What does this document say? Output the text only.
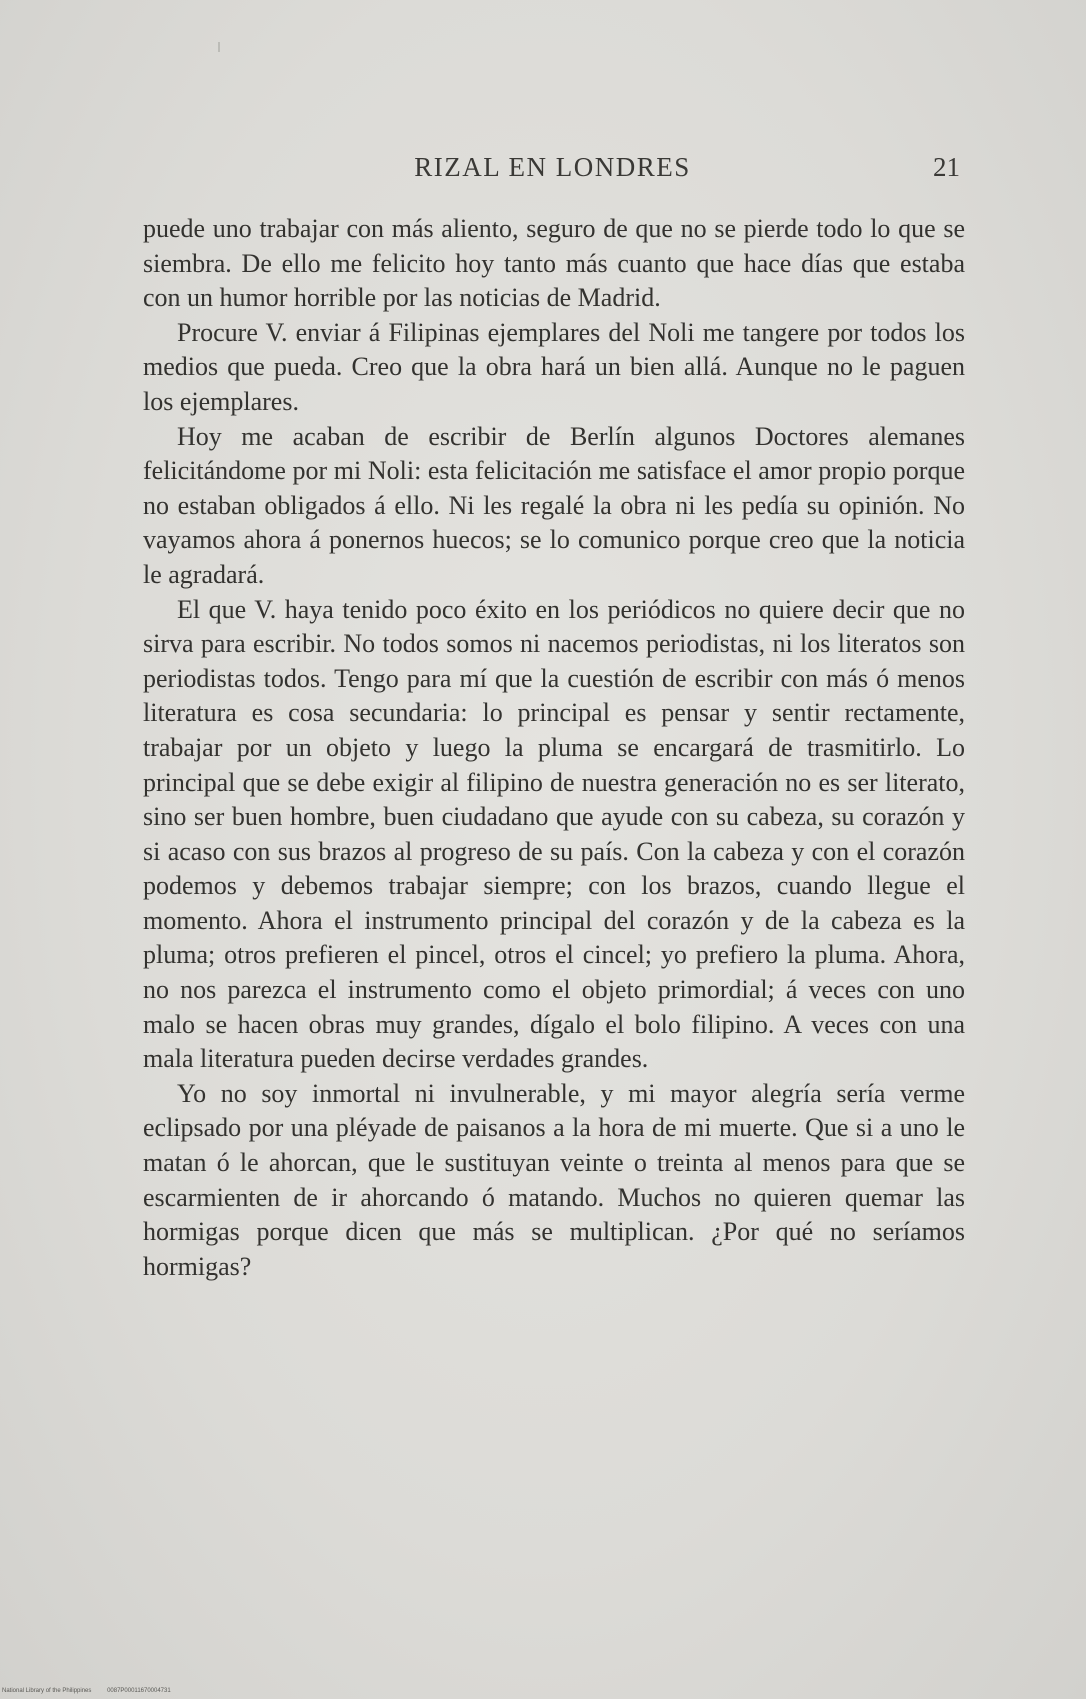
RIZAL EN LONDRES	21

puede uno trabajar con más aliento, seguro de que no se pierde todo lo que se siembra. De ello me felicito hoy tanto más cuanto que hace días que estaba con un humor horrible por las noticias de Madrid.

Procure V. enviar á Filipinas ejemplares del Noli me tangere por todos los medios que pueda. Creo que la obra hará un bien allá. Aunque no le paguen los ejemplares.

Hoy me acaban de escribir de Berlín algunos Doctores alemanes felicitándome por mi Noli: esta felicitación me satisface el amor propio porque no estaban obligados á ello. Ni les regalé la obra ni les pedía su opinión. No vayamos ahora á ponernos huecos; se lo comunico porque creo que la noticia le agradará.

El que V. haya tenido poco éxito en los periódicos no quiere decir que no sirva para escribir. No todos somos ni nacemos periodistas, ni los literatos son periodistas todos. Tengo para mí que la cuestión de escribir con más ó menos literatura es cosa secundaria: lo principal es pensar y sentir rectamente, trabajar por un objeto y luego la pluma se encargará de trasmitirlo. Lo principal que se debe exigir al filipino de nuestra generación no es ser literato, sino ser buen hombre, buen ciudadano que ayude con su cabeza, su corazón y si acaso con sus brazos al progreso de su país. Con la cabeza y con el corazón podemos y debemos trabajar siempre; con los brazos, cuando llegue el momento. Ahora el instrumento principal del corazón y de la cabeza es la pluma; otros prefieren el pincel, otros el cincel; yo prefiero la pluma. Ahora, no nos parezca el instrumento como el objeto primordial; á veces con uno malo se hacen obras muy grandes, dígalo el bolo filipino. A veces con una mala literatura pueden decirse verdades grandes.

Yo no soy inmortal ni invulnerable, y mi mayor alegría sería verme eclipsado por una pléyade de paisanos a la hora de mi muerte. Que si a uno le matan ó le ahorcan, que le sustituyan veinte o treinta al menos para que se escarmienten de ir ahorcando ó matando. Muchos no quieren quemar las hormigas porque dicen que más se multiplican. ¿Por qué no seríamos hormigas?

National Library of the Philippines	0087P00011670004731
